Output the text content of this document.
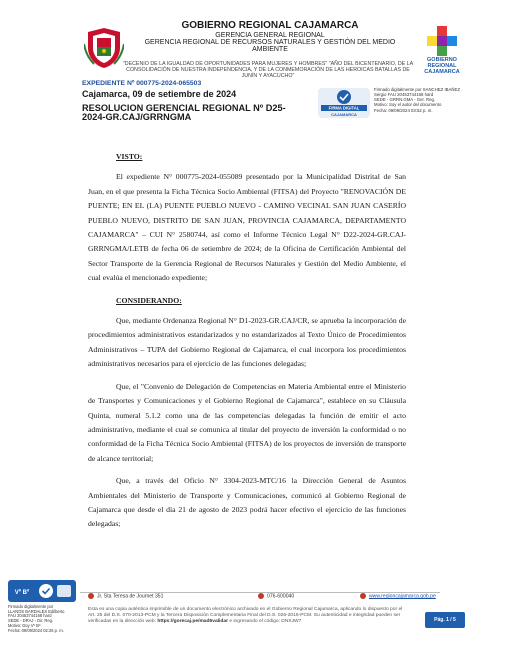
GOBIERNO REGIONAL CAJAMARCA
GERENCIA GENERAL REGIONAL
GERENCIA REGIONAL DE RECURSOS NATURALES Y GESTIÓN DEL MEDIO AMBIENTE
GOBIERNO REGIONAL CAJAMARCA
"DECENIO DE LA IGUALDAD DE OPORTUNIDADES PARA MUJERES Y HOMBRES" "AÑO DEL BICENTENARIO, DE LA CONSOLIDACIÓN DE NUESTRA INDEPENDENCIA, Y DE LA CONMEMORACIÓN DE LAS HEROICAS BATALLAS DE JUNÍN Y AYACUCHO"
EXPEDIENTE Nº 000775-2024-065503
Cajamarca, 09 de setiembre de 2024
RESOLUCION GERENCIAL REGIONAL Nº D25-2024-GR.CAJ/GRRNGMA
FIRMA DIGITAL
CAJAMARCA
Firmado digitalmente por SANCHEZ IBAÑEZ
Sergio FAU 20453744168 hard
SEDE - GRRN.GMA - Ger. Reg.
Motivo: Soy el autor del documento
Fecha: 09/09/2024 03:52 p. m.
VISTO:

El expediente N° 000775-2024-055089 presentado por la Municipalidad Distrital de San Juan, en el que presenta la Ficha Técnica Socio Ambiental (FITSA) del Proyecto "RENOVACIÓN DE PUENTE; EN EL (LA) PUENTE PUEBLO NUEVO - CAMINO VECINAL SAN JUAN CASERÍO PUEBLO NUEVO, DISTRITO DE SAN JUAN, PROVINCIA CAJAMARCA, DEPARTAMENTO CAJAMARCA" – CUI N° 2580744, así como el Informe Técnico Legal N° D22-2024-GR.CAJ-GRRNGMA/LETB de fecha 06 de setiembre de 2024; de la Oficina de Certificación Ambiental del Sector Transporte de la Gerencia Regional de Recursos Naturales y Gestión del Medio Ambiente, el cual evalúa el mencionado expediente;

CONSIDERANDO:

Que, mediante Ordenanza Regional N° D1-2023-GR.CAJ/CR, se aprueba la incorporación de procedimientos administrativos estandarizados y no estandarizados al Texto Único de Procedimientos Administrativos – TUPA del Gobierno Regional de Cajamarca, el cual incorpora los procedimientos administrativos necesarios para el ejercicio de las funciones delegadas;

Que, el "Convenio de Delegación de Competencias en Materia Ambiental entre el Ministerio de Transportes y Comunicaciones y el Gobierno Regional de Cajamarca", establece en su Cláusula Quinta, numeral 5.1.2 como una de las competencias delegadas la función de emitir el acto administrativo, mediante el cual se comunica al titular del proyecto de inversión la conformidad o no conformidad de la Ficha Técnica Socio Ambiental (FITSA) de los proyectos de inversión de transporte de alcance territorial;

Que, a través del Oficio N° 3304-2023-MTC/16 la Dirección General de Asuntos Ambientales del Ministerio de Transporte y Comunicaciones, comunicó al Gobierno Regional de Cajamarca que desde el día 21 de agosto de 2023 podrá hacer efectivo el ejercicio de las funciones delegadas;

Vº Bº
Firmado digitalmente por
LLANOS BARDALES Edilberto
FAU 20453744168 hard
SEDE - DRAJ - Dir. Reg.
Motivo: Doy Vº Bº
Fecha: 09/09/2024 02:26 p. m.
Jr. Sta Teresa de Journet 351	076-600040	www.regioncajamarca.gob.pe
Esta es una copia auténtica imprimible de un documento electrónico archivado en el Gobierno Regional Cajamarca, aplicando lo dispuesto por el Art. 25 del D.S. 070-2013-PCM y la Tercera Disposición Complementaria Final del D.S. 026-2016-PCM. Su autenticidad e integridad pueden ser verificadas en la dirección web: https://gorecaj.pe/mad5validar e ingresando el código: DNXJW7	Pág. 1 / 5
